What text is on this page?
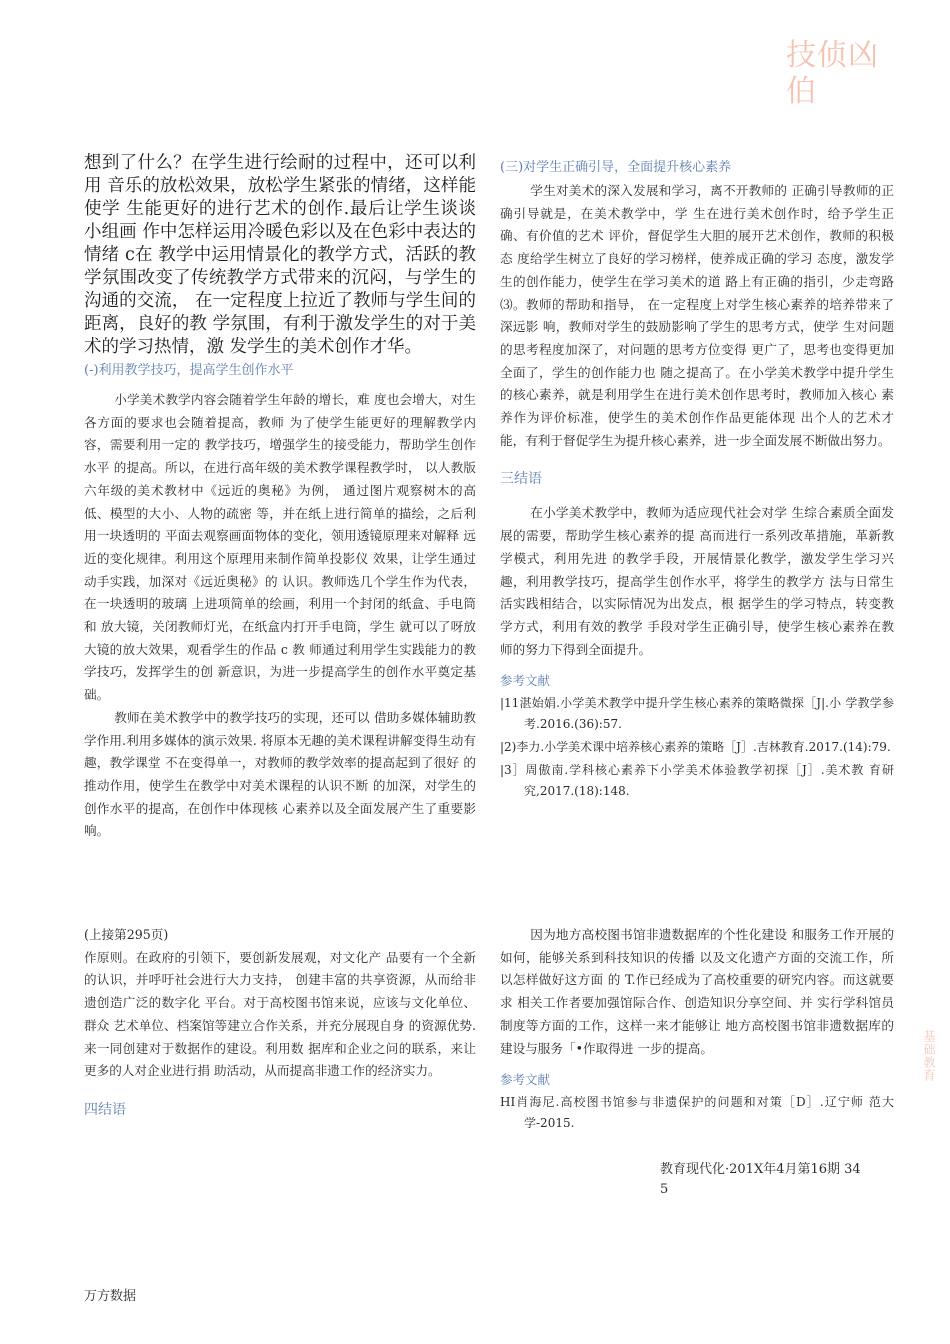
技侦凶伯

想到了什么？在学生进行绘耐的过程中，还可以利用 音乐的放松效果，放松学生紧张的情绪，这样能使学 生能更好的进行艺术的创作.最后让学生谈谈小组画 作中怎样运用冷暖色彩以及在色彩中表达的情绪 c在 教学中运用情景化的教学方式，活跃的教学氛围改变了传统教学方式带来的沉闷，与学生的沟通的交流， 在一定程度上拉近了教师与学生间的距离，良好的教 学氛围，有利于激发学生的对于美术的学习热情，激 发学生的美术创作才华。

(-)利用教学技巧，提高学生创作水平

小学美术教学内容会随着学生年龄的增长，难 度也会增大，对生各方面的要求也会随着提高，教师 为了使学生能更好的理解教学内容，需要利用一定的 教学技巧，增强学生的接受能力，帮助学生创作水平 的提高。所以，在进行高年级的美术教学课程教学时， 以人教版六年级的美术教材中《远近的奥秘》为例， 通过图片观察树木的高低、模型的大小、人物的疏密 等，并在纸上进行简单的描绘，之后利用一块透明的 平面去观察画面物体的变化，领用透镜原理来对解释 远近的变化规律。利用这个原理用来制作简单投影仪 效果，让学生通过动手实践，加深对《远近奥秘》的 认识。教师选几个学生作为代表，在一块透明的玻璃 上进项简单的绘画，利用一个封闭的纸盒、手电筒和 放大镜，关闭教师灯光，在纸盒内打开手电筒，学生 就可以了呀放大镜的放大效果，观看学生的作品 c 教 师通过利用学生实践能力的教学技巧，发挥学生的创 新意识，为进一步提高学生的创作水平奠定基础。

教师在美术教学中的教学技巧的实现，还可以 借助多媒体辅助教学作用.利用多媒体的演示效果. 将原本无趣的美术课程讲解变得生动有趣，教学课堂 不在变得单一，对教师的教学效率的提高起到了很好 的推动作用，使学生在教学中对美术课程的认识不断 的加深，对学生的创作水平的提高，在创作中体现核 心素养以及全面发展产生了重要影响。

(三)对学生正确引导，全面提升核心素养

学生对美术的深入发展和学习，离不开教师的 正确引导教师的正确引导就是，在美术教学中，学 生在进行美术创作时，给予学生正确、有价值的艺术 评价，督促学生大胆的展开艺术创作，教师的积极态 度给学生树立了良好的学习榜样，使养成正确的学习 态度，激发学生的创作能力，使学生在学习美术的道 路上有正确的指引，少走弯路⑶。教师的帮助和指导， 在一定程度上对学生核心素养的培养带来了深远影 响，教师对学生的鼓励影响了学生的思考方式，使学 生对问题的思考程度加深了，对问题的思考方位变得 更广了，思考也变得更加全面了，学生的创作能力也 随之提高了。在小学美术教学中提升学生的核心素养，就是利用学生在进行美术创作思考时，教师加入核心 素养作为评价标准，使学生的美术创作作品更能体现 出个人的艺术才能，有利于督促学生为提升核心素养，进一步全面发展不断做出努力。

三结语

在小学美术教学中，教师为适应现代社会对学 生综合素质全面发展的需要，帮助学生核心素养的提 高而进行一系列改革措施，革新教学模式，利用先进 的教学手段，开展情景化教学，激发学生学习兴趣，利用教学技巧，提高学生创作水平，将学生的教学方 法与日常生活实践相结合，以实际情况为出发点，根 据学生的学习特点，转变教学方式，利用有效的教学 手段对学生正确引导，使学生核心素养在教师的努力下得到全面提升。

参考文献

|11湛始娟.小学美术教学中提升学生核心素养的策略微探［J|.小 学教学参考.2016.(36):57.

|2)李力.小学美术课中培养核心素养的策略［J］.吉林教育.2017.(14):79.

|3］周傲南.学科核心素养下小学美术体验教学初探［J］.美术教 育研究,2017.(18):148.

(上接第295页)

作原则。在政府的引领下，要创新发展观，对文化产 品要有一个全新的认识，并呼吁社会进行大力支持， 创建丰富的共享资源，从而给非遗创造广泛的数字化 平台。对于高校图书馆来说，应该与文化单位、群众 艺术单位、档案馆等建立合作关系，并充分展现自身 的资源优势.来一同创建对于数据作的建设。利用数 据库和企业之问的联系，来让更多的人对企业进行捐 助活动，从而提高非遗工作的经济实力。

四结语

因为地方高校图书馆非遗数据库的个性化建设 和服务工作开展的如何，能够关系到科技知识的传播 以及文化遗产方面的交流工作，所以怎样做好这方面 的 T.作已经成为了高校重要的研究内容。而这就要求 相关工作者要加强馆际合作、创造知识分享空间、并 实行学科馆员制度等方面的工作，这样一来才能够让 地方高校图书馆非遗数据库的建设与服务「•作取得进 一步的提高。

参考文献

HI肖海尼.高校图书馆参与非遗保护的问题和对策［D］.辽宁师 范大学-2015.

教育现代化·201X年4月第16期 34
5
基础教育
万方数据
